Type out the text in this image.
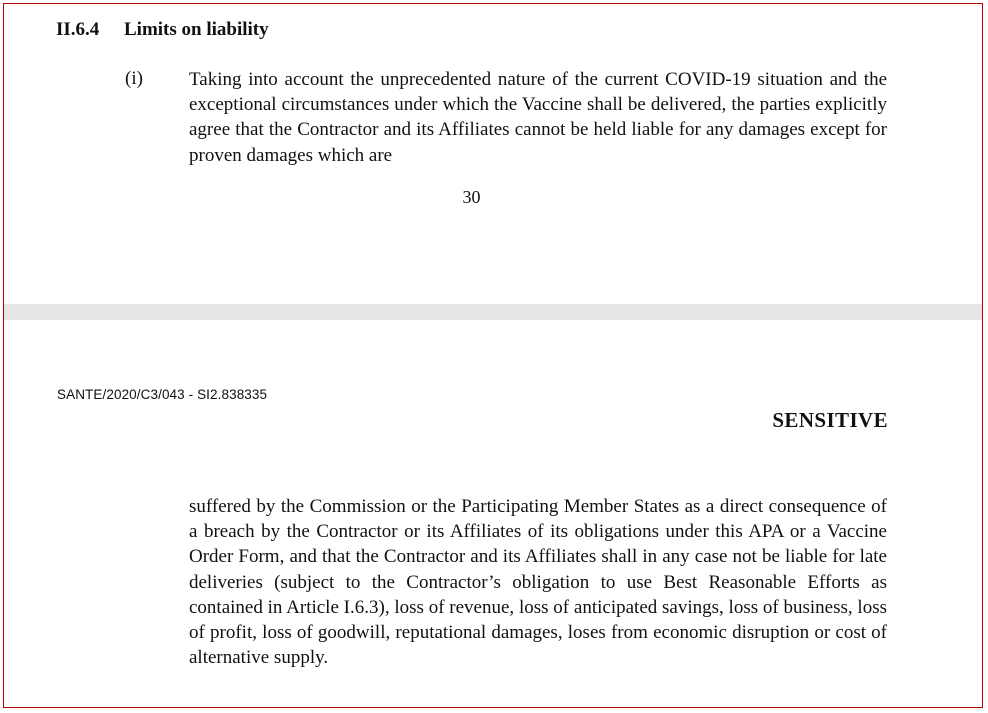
II.6.4 Limits on liability
(i) Taking into account the unprecedented nature of the current COVID-19 situation and the exceptional circumstances under which the Vaccine shall be delivered, the parties explicitly agree that the Contractor and its Affiliates cannot be held liable for any damages except for proven damages which are

30
SANTE/2020/C3/043 - SI2.838335
SENSITIVE

suffered by the Commission or the Participating Member States as a direct consequence of a breach by the Contractor or its Affiliates of its obligations under this APA or a Vaccine Order Form, and that the Contractor and its Affiliates shall in any case not be liable for late deliveries (subject to the Contractor’s obligation to use Best Reasonable Efforts as contained in Article I.6.3), loss of revenue, loss of anticipated savings, loss of business, loss of profit, loss of goodwill, reputational damages, loses from economic disruption or cost of alternative supply.
